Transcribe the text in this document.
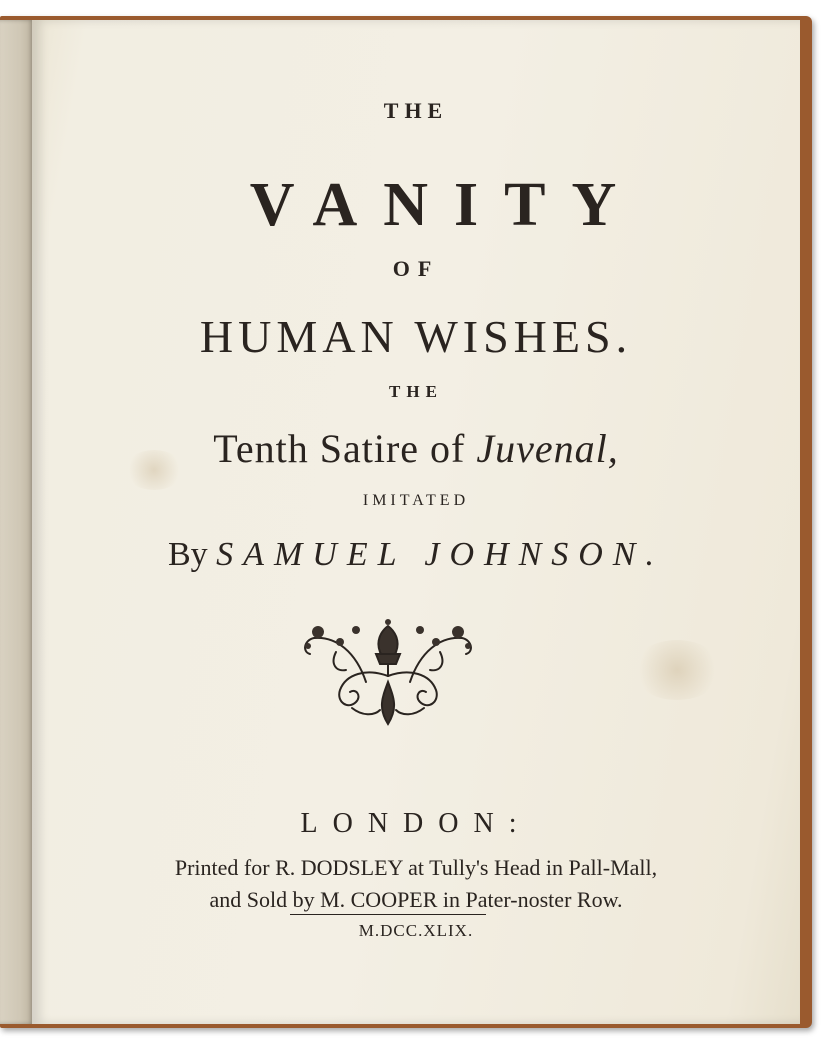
THE
VANITY
OF
HUMAN WISHES.
THE
Tenth Satire of Juvenal,
IMITATED
By SAMUEL JOHNSON.
LONDON:
Printed for R. DODSLEY at Tully's Head in Pall-Mall,
and Sold by M. COOPER in Pater-noster Row.
M.DCC.XLIX.
